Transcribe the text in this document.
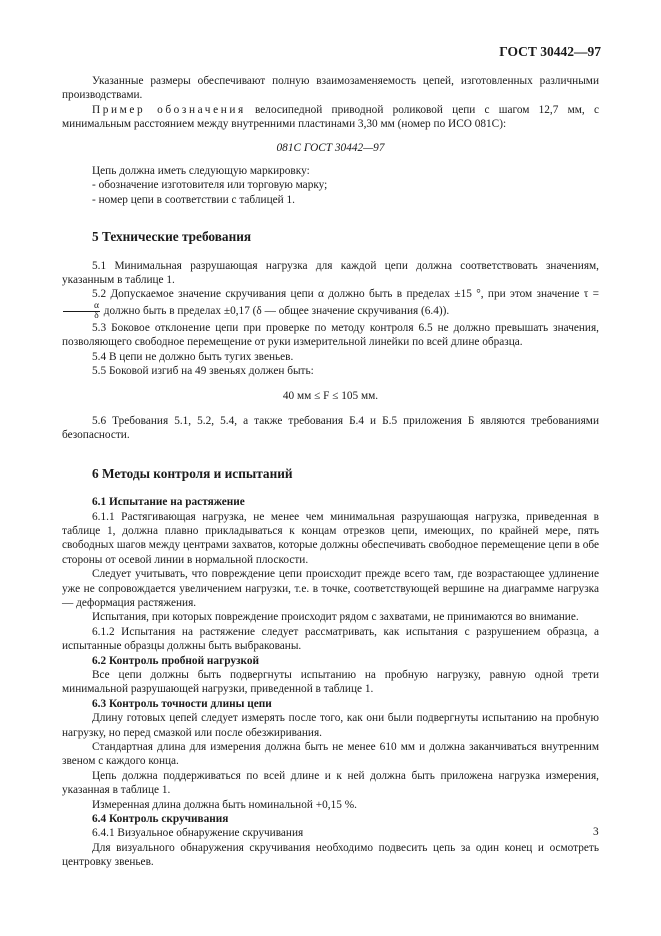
ГОСТ 30442—97

Указанные размеры обеспечивают полную взаимозаменяемость цепей, изготовленных различными производствами.

Пример обозначения велосипедной приводной роликовой цепи с шагом 12,7 мм, с минимальным расстоянием между внутренними пластинами 3,30 мм (номер по ИСО 081С):

081С ГОСТ 30442—97

Цепь должна иметь следующую маркировку:

- обозначение изготовителя или торговую марку;
- номер цепи в соответствии с таблицей 1.
5 Технические требования

5.1 Минимальная разрушающая нагрузка для каждой цепи должна соответствовать значениям, указанным в таблице 1.

5.2 Допускаемое значение скручивания цепи α должно быть в пределах ±15 °, при этом значение τ =
$\frac{\alpha}{\delta}$ должно быть в пределах ±0,17 (δ — общее значение скручивания (6.4)).

5.3 Боковое отклонение цепи при проверке по методу контроля 6.5 не должно превышать значения, позволяющего свободное перемещение от руки измерительной линейки по всей длине образца.

5.4 В цепи не должно быть тугих звеньев.

5.5 Боковой изгиб на 49 звеньях должен быть:

40 мм ≤ F ≤ 105 мм.

5.6 Требования 5.1, 5.2, 5.4, а также требования Б.4 и Б.5 приложения Б являются требованиями безопасности.

6 Методы контроля и испытаний
6.1 Испытание на растяжение

6.1.1 Растягивающая нагрузка, не менее чем минимальная разрушающая нагрузка, приведенная в таблице 1, должна плавно прикладываться к концам отрезков цепи, имеющих, по крайней мере, пять свободных шагов между центрами захватов, которые должны обеспечивать свободное перемещение цепи в обе стороны от осевой линии в нормальной плоскости.

Следует учитывать, что повреждение цепи происходит прежде всего там, где возрастающее удлинение уже не сопровождается увеличением нагрузки, т.е. в точке, соответствующей вершине на диаграмме нагрузка — деформация растяжения.

Испытания, при которых повреждение происходит рядом с захватами, не принимаются во внимание.

6.1.2 Испытания на растяжение следует рассматривать, как испытания с разрушением образца, а испытанные образцы должны быть выбракованы.

6.2 Контроль пробной нагрузкой

Все цепи должны быть подвергнуты испытанию на пробную нагрузку, равную одной трети минимальной разрушающей нагрузки, приведенной в таблице 1.

6.3 Контроль точности длины цепи

Длину готовых цепей следует измерять после того, как они были подвергнуты испытанию на пробную нагрузку, но перед смазкой или после обезжиривания.

Стандартная длина для измерения должна быть не менее 610 мм и должна заканчиваться внутренним звеном с каждого конца.

Цепь должна поддерживаться по всей длине и к ней должна быть приложена нагрузка измерения, указанная в таблице 1.

Измеренная длина должна быть номинальной +0,15 %.

6.4 Контроль скручивания

6.4.1 Визуальное обнаружение скручивания

Для визуального обнаружения скручивания необходимо подвесить цепь за один конец и осмотреть центровку звеньев.

3
